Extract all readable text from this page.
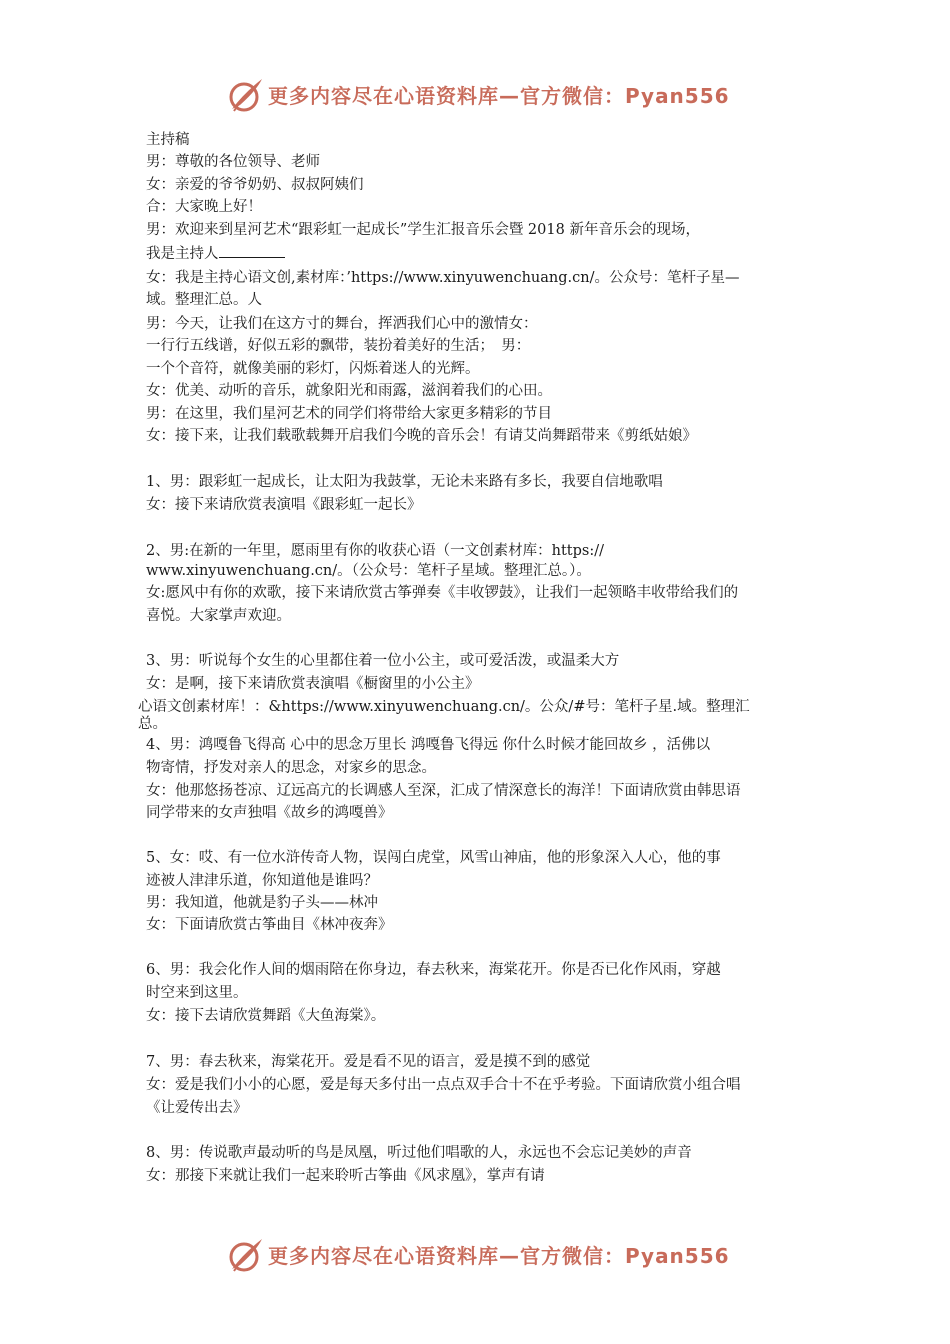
更多内容尽在心语资料库—官方微信：Pyan556
主持稿
男：尊敬的各位领导、老师
女：亲爱的爷爷奶奶、叔叔阿姨们
合：大家晚上好！
男：欢迎来到星河艺术“跟彩虹一起成长”学生汇报音乐会暨 2018 新年音乐会的现场，
我是主持人
女：我是主持心语文创,素材库：’https://www.xinyuwenchuang.cn/。公众号：笔杆子星—
域。整理汇总。人
男：今天，让我们在这方寸的舞台，挥洒我们心中的激情女：
一行行五线谱，好似五彩的飘带，装扮着美好的生活；　男：
一个个音符，就像美丽的彩灯，闪烁着迷人的光辉。
女：优美、动听的音乐，就象阳光和雨露，滋润着我们的心田。
男：在这里，我们星河艺术的同学们将带给大家更多精彩的节目
女：接下来，让我们载歌载舞开启我们今晚的音乐会！有请艾尚舞蹈带来《剪纸姑娘》
1、男：跟彩虹一起成长，让太阳为我鼓掌，无论未来路有多长，我要自信地歌唱
女：接下来请欣赏表演唱《跟彩虹一起长》
2、男:在新的一年里，愿雨里有你的收获心语（一文创素材库：https://
www.xinyuwenchuang.cn/。（公众号：笔杆子星域。整理汇总。）。
女:愿风中有你的欢歌，接下来请欣赏古筝弹奏《丰收锣鼓》，让我们一起领略丰收带给我们的
喜悦。大家掌声欢迎。
3、男：听说每个女生的心里都住着一位小公主，或可爱活泼，或温柔大方
女：是啊，接下来请欣赏表演唱《橱窗里的小公主》
心语文创素材库！：&https://www.xinyuwenchuang.cn/。公众/#号：笔杆子星.域。整理汇
总。
4、男：鸿嘎鲁飞得高 心中的思念万里长 鸿嘎鲁飞得远 你什么时候才能回故乡 ，活佛以
物寄情，抒发对亲人的思念，对家乡的思念。
女：他那悠扬苍凉、辽远高亢的长调感人至深，汇成了情深意长的海洋！下面请欣赏由韩思语
同学带来的女声独唱《故乡的鸿嘎兽》
5、女：哎、有一位水浒传奇人物，误闯白虎堂，风雪山神庙，他的形象深入人心，他的事
迹被人津津乐道，你知道他是谁吗？
男：我知道，他就是豹子头——林冲
女：下面请欣赏古筝曲目《林冲夜奔》
6、男：我会化作人间的烟雨陪在你身边，春去秋来，海棠花开。你是否已化作风雨，穿越
时空来到这里。
女：接下去请欣赏舞蹈《大鱼海棠》。
7、男：春去秋来，海棠花开。爱是看不见的语言，爱是摸不到的感觉
女：爱是我们小小的心愿，爱是每天多付出一点点双手合十不在乎考验。下面请欣赏小组合唱
《让爱传出去》
8、男：传说歌声最动听的鸟是凤凰，听过他们唱歌的人，永远也不会忘记美妙的声音
女：那接下来就让我们一起来聆听古筝曲《风求凰》，掌声有请
更多内容尽在心语资料库—官方微信：Pyan556
